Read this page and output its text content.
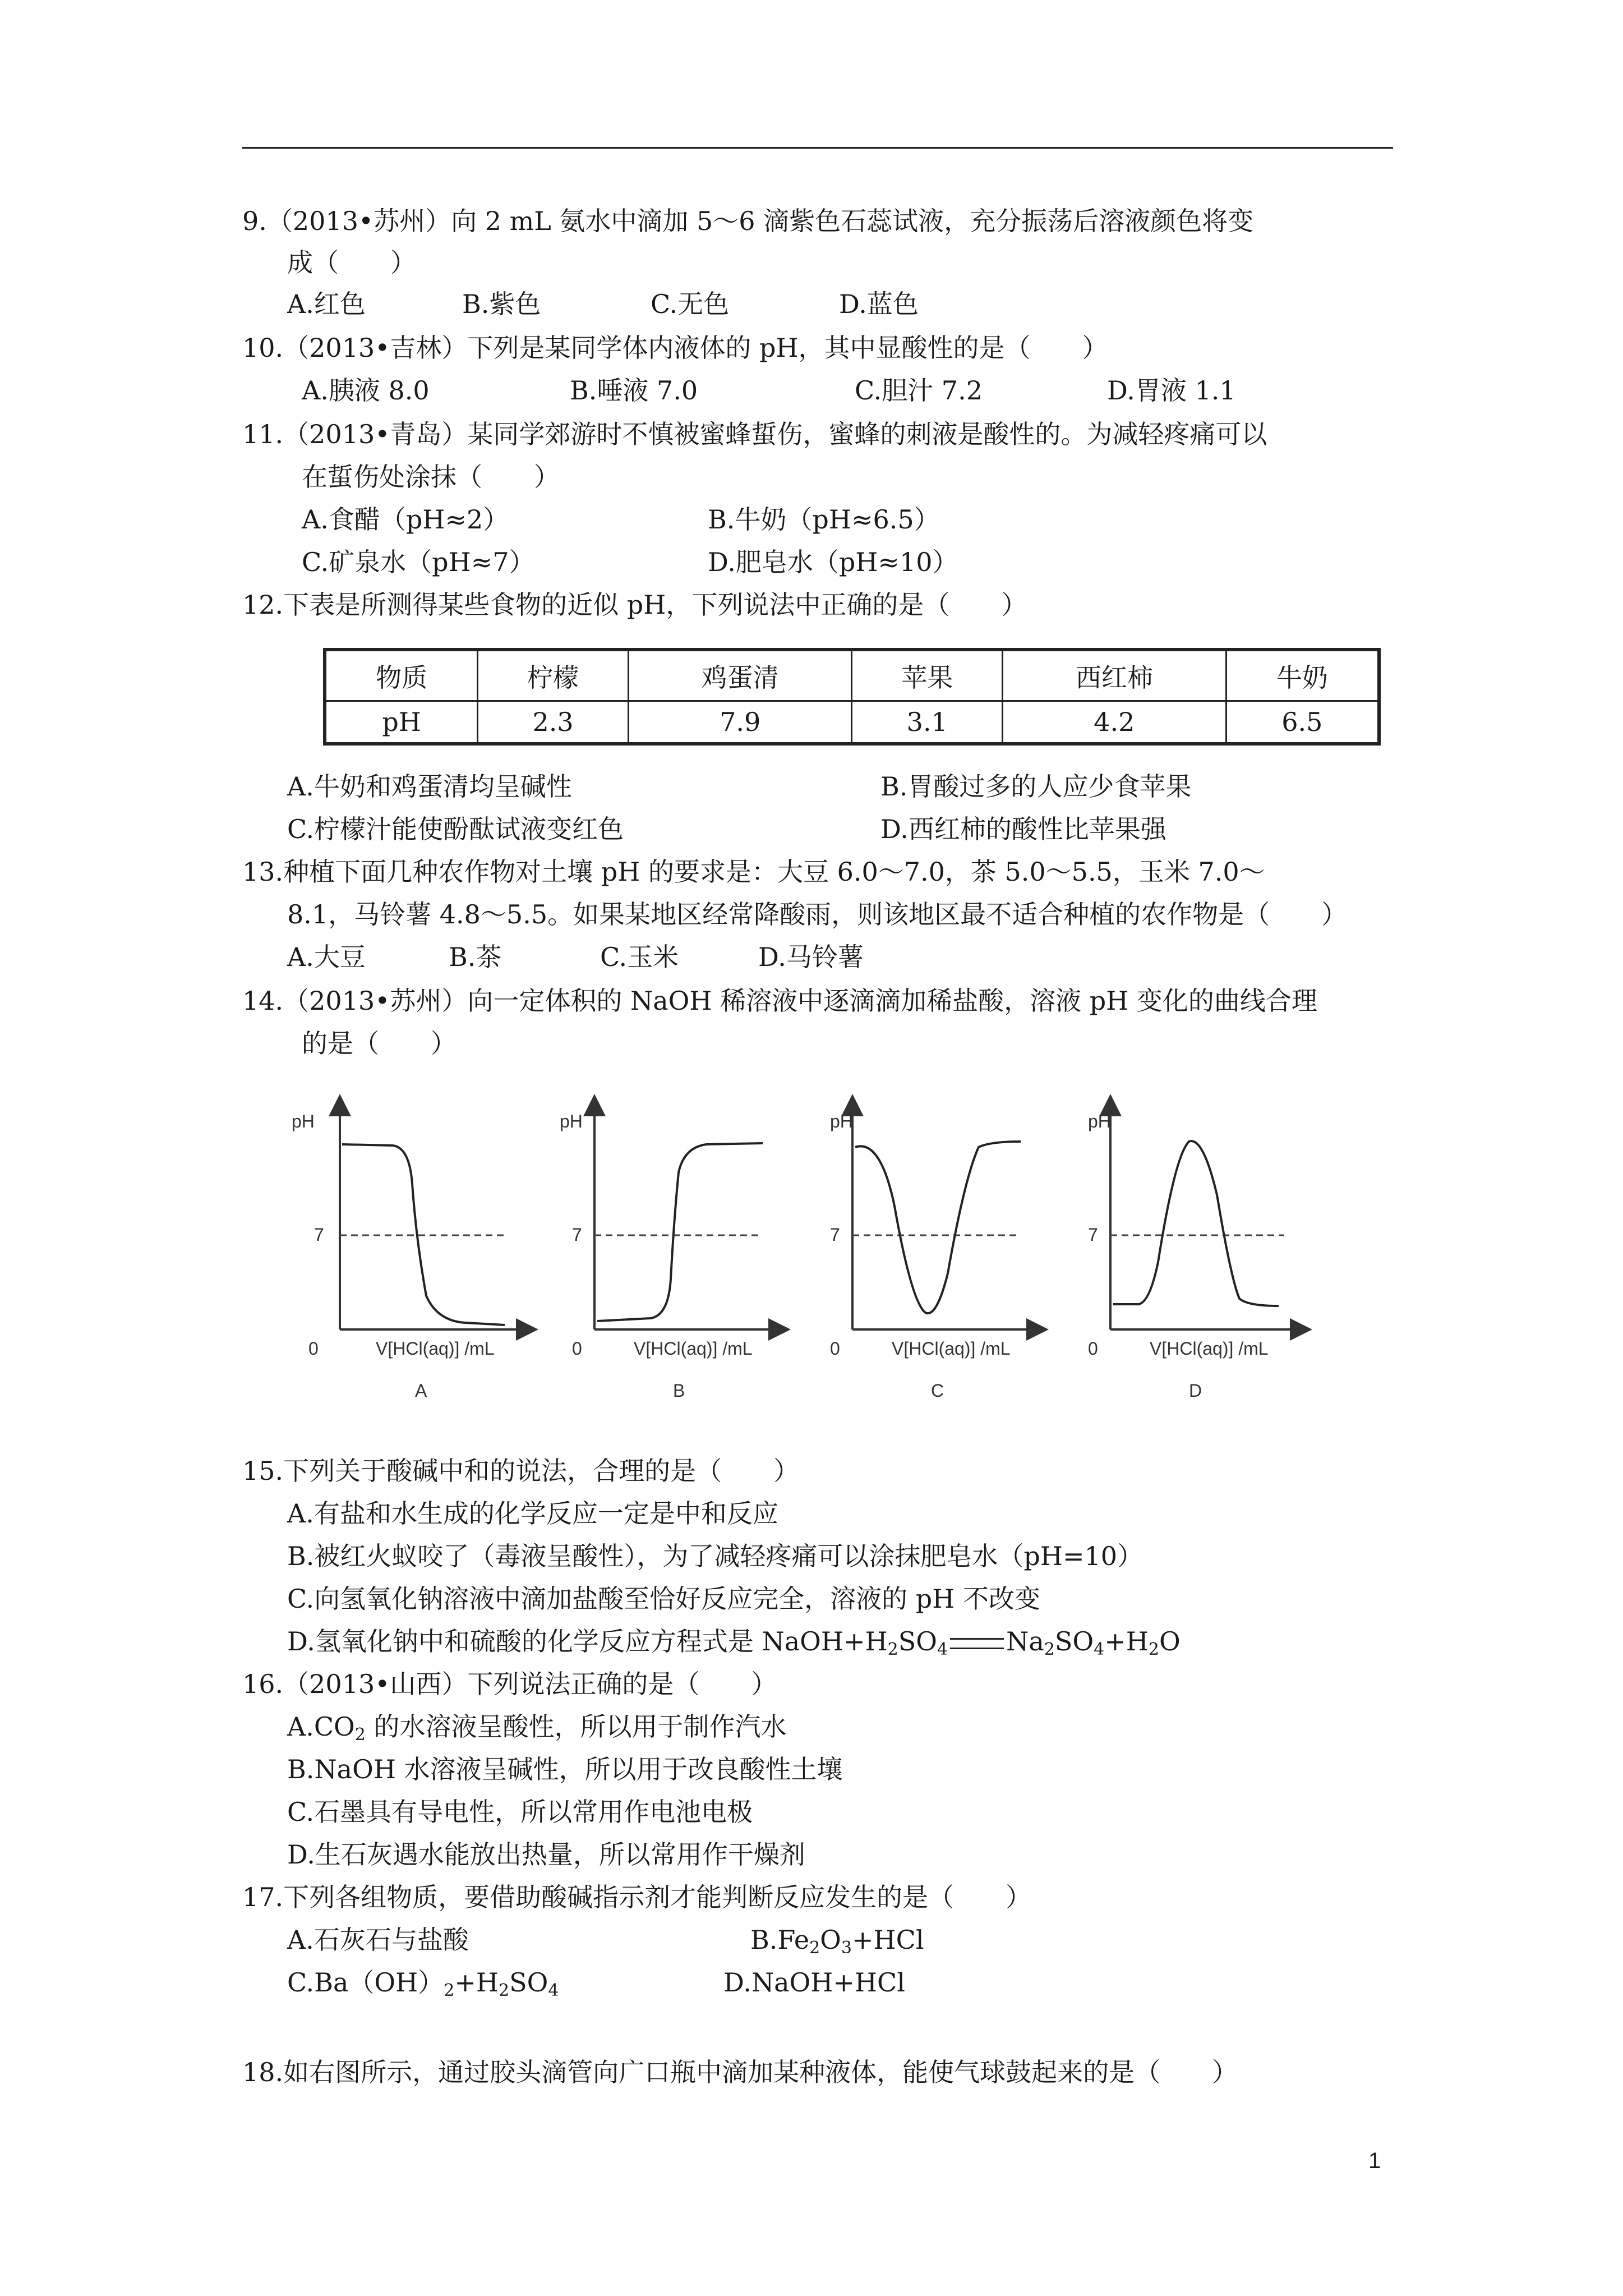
9.（2013•苏州）向 2 mL 氨水中滴加 5～6 滴紫色石蕊试液，充分振荡后溶液颜色将变
成（　　）
A.红色	B.紫色	C.无色	D.蓝色
10.（2013•吉林）下列是某同学体内液体的 pH，其中显酸性的是（　　）
A.胰液 8.0	B.唾液 7.0	C.胆汁 7.2	D.胃液 1.1
11.（2013•青岛）某同学郊游时不慎被蜜蜂蜇伤，蜜蜂的刺液是酸性的。为减轻疼痛可以
在蜇伤处涂抹（　　）
A.食醋（pH≈2）	B.牛奶（pH≈6.5）
C.矿泉水（pH≈7）	D.肥皂水（pH≈10）
12.下表是所测得某些食物的近似 pH，下列说法中正确的是（　　）
物质	柠檬	鸡蛋清	苹果	西红柿	牛奶
pH	2.3	7.9	3.1	4.2	6.5
A.牛奶和鸡蛋清均呈碱性	B.胃酸过多的人应少食苹果
C.柠檬汁能使酚酞试液变红色	D.西红柿的酸性比苹果强
13.种植下面几种农作物对土壤 pH 的要求是：大豆 6.0～7.0，茶 5.0～5.5，玉米 7.0～
8.1，马铃薯 4.8～5.5。如果某地区经常降酸雨，则该地区最不适合种植的农作物是（　　）
A.大豆	B.茶	C.玉米	D.马铃薯
14.（2013•苏州）向一定体积的 NaOH 稀溶液中逐滴滴加稀盐酸，溶液 pH 变化的曲线合理
的是（　　）
pH
7
0	V[HCl(aq)] /mL
A
pH
7
0	V[HCl(aq)] /mL
B
pH
7
0	V[HCl(aq)] /mL
C
pH
7
0	V[HCl(aq)] /mL
D
15.下列关于酸碱中和的说法，合理的是（　　）
A.有盐和水生成的化学反应一定是中和反应
B.被红火蚁咬了（毒液呈酸性），为了减轻疼痛可以涂抹肥皂水（pH=10）
C.向氢氧化钠溶液中滴加盐酸至恰好反应完全，溶液的 pH 不改变
D.氢氧化钠中和硫酸的化学反应方程式是 $NaOH+H_2SO_4$ $Na_2SO_4+H_2O$
16.（2013•山西）下列说法正确的是（　　）
$A.CO_2$ 的水溶液呈酸性，所以用于制作汽水
B.NaOH 水溶液呈碱性，所以用于改良酸性土壤
C.石墨具有导电性，所以常用作电池电极
D.生石灰遇水能放出热量，所以常用作干燥剂
17.下列各组物质，要借助酸碱指示剂才能判断反应发生的是（　　）
A.石灰石与盐酸	$B.Fe_2O_3+HCl$
$C.Ba(OH)_2+H_2SO_4$	D.NaOH+HCl
18.如右图所示，通过胶头滴管向广口瓶中滴加某种液体，能使气球鼓起来的是（　　）
1
